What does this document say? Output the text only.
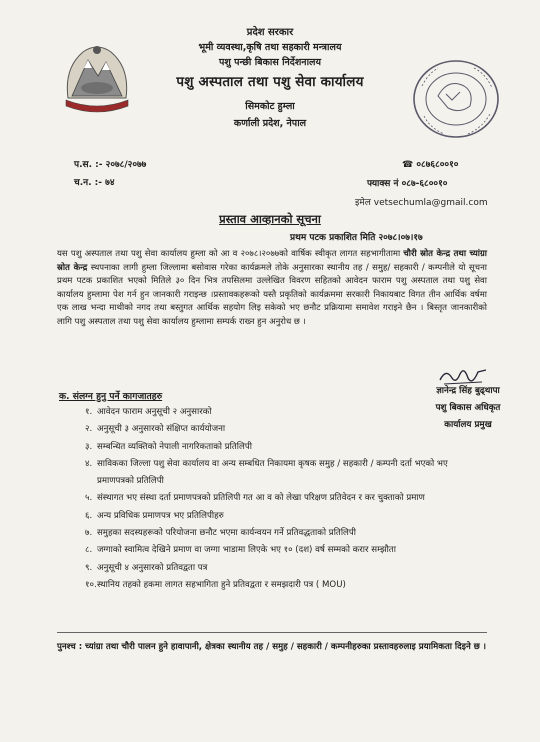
प्रदेश सरकार
भूमी व्यवस्था,कृषि तथा सहकारी मन्त्रालय
पशु पन्छी बिकास निर्देशनालय
पशु अस्पताल तथा पशु सेवा कार्यालय
सिमकोट हुम्ला
कर्णाली प्रदेश, नेपाल
प.स. :- २०७८/२०७७
च.न. :- ७४
☎ ०८७६८००१०
फ्याक्स नं ०८७-६८००१०
इमेल vetsechumla@gmail.com
प्रस्ताव आव्हानको सूचना
प्रथम पटक प्रकाशित मिति २०७८।०७।१७
यस पशु अस्पताल तथा पशु सेवा कार्यालय हुम्ला को आ व २०७८।२०७७को वार्षिक स्वीकृत लागत सहभागीतामा चौरी स्रोत केन्द्र तथा च्यांग्रा स्रोत केन्द्र स्थपनाका लागी हुम्ला जिल्लामा बसोवास गरेका कार्यक्रमले तोके अनुसारका स्थानीय तह / समुह/ सहकारी / कम्पनीले यो सूचना प्रथम पटक प्रकाशित भएको मितिले ३० दिन भित्र तपसिलमा उल्लेखित विवरण सहितको आवेदन फाराम पशु अस्पताल तथा पशु सेवा कार्यालय हुम्लामा पेश गर्न हुन जानकारी गराइन्छ ।प्रस्तावकहरूको यस्तै प्रकृतिको कार्यक्रममा सरकारी निकायबाट विगत तीन आर्थिक वर्षमा एक लाख भन्दा माथीको नगद तथा बस्तुगत आर्थिक सहयोग लिइ सकेको भए छनौट प्रक्रियामा समावेश गराइने छैन । बिस्तृत जानकारीको लागि पशु अस्पताल तथा पशु सेवा कार्यालय हुम्लामा सम्पर्क राख्न हुन अनुरोध छ ।
क. संलग्न हुनु पर्ने कागजातहरु	ज्ञानेन्द्र सिंह बुढ्थापा
पशु बिकास अधिकृत
कार्यालय प्रमुख
१. आवेदन फाराम अनुसूची २ अनुसारको
२. अनुसूची ३ अनुसारको संक्षिप्त कार्ययोजना
३. सम्बन्धित व्यक्तिको नेपाली नागरिकताको प्रतिलिपी
४. साविकका जिल्ला पशु सेवा कार्यालय वा अन्य सम्बधित निकायमा कृषक समुह / सहकारी / कम्पनी दर्ता भएको भए प्रमाणपत्रको प्रतिलिपी
५. संस्थागत भए संस्था दर्ता प्रमाणपत्रको प्रतिलिपी गत आ व को लेखा परिक्षण प्रतिवेदन र कर चुक्ताको प्रमाण
६. अन्य प्रविधिक प्रमाणपत्र भए प्रतिलिपीहरु
७. समुहका सदस्यहरूको परियोजना छनौट भएमा कार्यन्वयन गर्ने प्रतिवद्धताको प्रतिलिपी
८. जग्गाको स्वामित्व देखिने प्रमाण वा जग्गा भाडामा लिएके भए १० (दश) वर्ष सम्मको करार सम्झौता
९. अनुसूची ४ अनुसारको प्रतिवद्वता पत्र
१०. स्थानिय तहको हकमा लागत सहभागिता हुने प्रतिवद्वता र समझदारी पत्र ( MOU)
पुनश्च : च्यांग्रा तथा चौरी पालन हुने हावापानी, क्षेत्रका स्थानीय तह / समुह / सहकारी / कम्पनीहरुका प्रस्तावहरुलाइ प्रयामिकता दिइने छ ।
